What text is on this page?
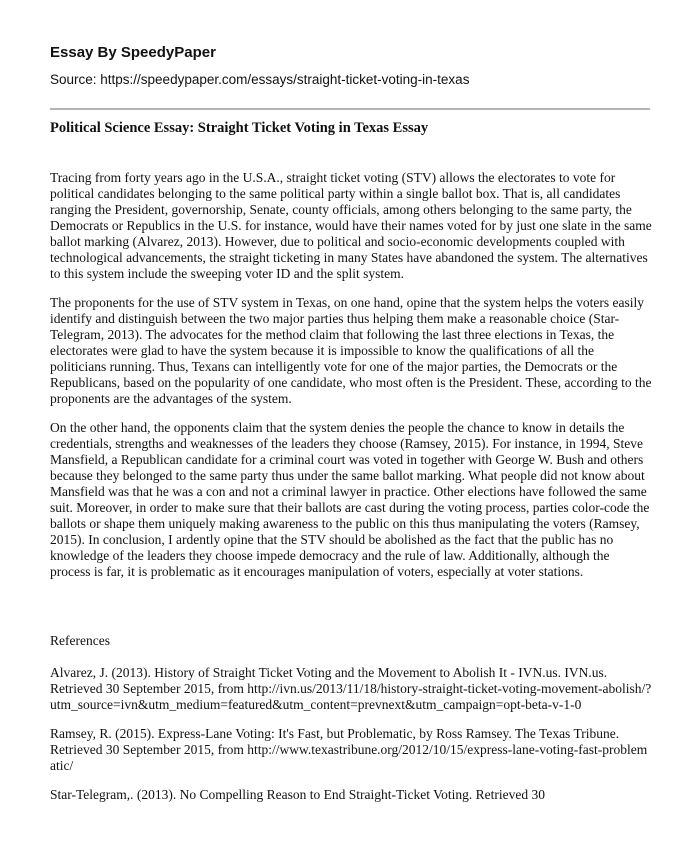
Essay By SpeedyPaper
Source: https://speedypaper.com/essays/straight-ticket-voting-in-texas
Political Science Essay: Straight Ticket Voting in Texas Essay

Tracing from forty years ago in the U.S.A., straight ticket voting (STV) allows the electorates to vote for political candidates belonging to the same political party within a single ballot box. That is, all candidates ranging the President, governorship, Senate, county officials, among others belonging to the same party, the Democrats or Republics in the U.S. for instance, would have their names voted for by just one slate in the same ballot marking (Alvarez, 2013). However, due to political and socio-economic developments coupled with technological advancements, the straight ticketing in many States have abandoned the system. The alternatives to this system include the sweeping voter ID and the split system.

The proponents for the use of STV system in Texas, on one hand, opine that the system helps the voters easily identify and distinguish between the two major parties thus helping them make a reasonable choice (Star-Telegram, 2013). The advocates for the method claim that following the last three elections in Texas, the electorates were glad to have the system because it is impossible to know the qualifications of all the politicians running. Thus, Texans can intelligently vote for one of the major parties, the Democrats or the Republicans, based on the popularity of one candidate, who most often is the President. These, according to the proponents are the advantages of the system.

On the other hand, the opponents claim that the system denies the people the chance to know in details the credentials, strengths and weaknesses of the leaders they choose (Ramsey, 2015). For instance, in 1994, Steve Mansfield, a Republican candidate for a criminal court was voted in together with George W. Bush and others because they belonged to the same party thus under the same ballot marking. What people did not know about Mansfield was that he was a con and not a criminal lawyer in practice. Other elections have followed the same suit. Moreover, in order to make sure that their ballots are cast during the voting process, parties color-code the ballots or shape them uniquely making awareness to the public on this thus manipulating the voters (Ramsey, 2015). In conclusion, I ardently opine that the STV should be abolished as the fact that the public has no knowledge of the leaders they choose impede democracy and the rule of law. Additionally, although the process is far, it is problematic as it encourages manipulation of voters, especially at voter stations.

References

Alvarez, J. (2013). History of Straight Ticket Voting and the Movement to Abolish It - IVN.us. IVN.us. Retrieved 30 September 2015, from http://ivn.us/2013/11/18/history-straight-ticket-voting-movement-abolish/?utm_source=ivn&utm_medium=featured&utm_content=prevnext&utm_campaign=opt-beta-v-1-0

Ramsey, R. (2015). Express-Lane Voting: It's Fast, but Problematic, by Ross Ramsey. The Texas Tribune. Retrieved 30 September 2015, from http://www.texastribune.org/2012/10/15/express-lane-voting-fast-problematic/

Star-Telegram,. (2013). No Compelling Reason to End Straight-Ticket Voting. Retrieved 30
